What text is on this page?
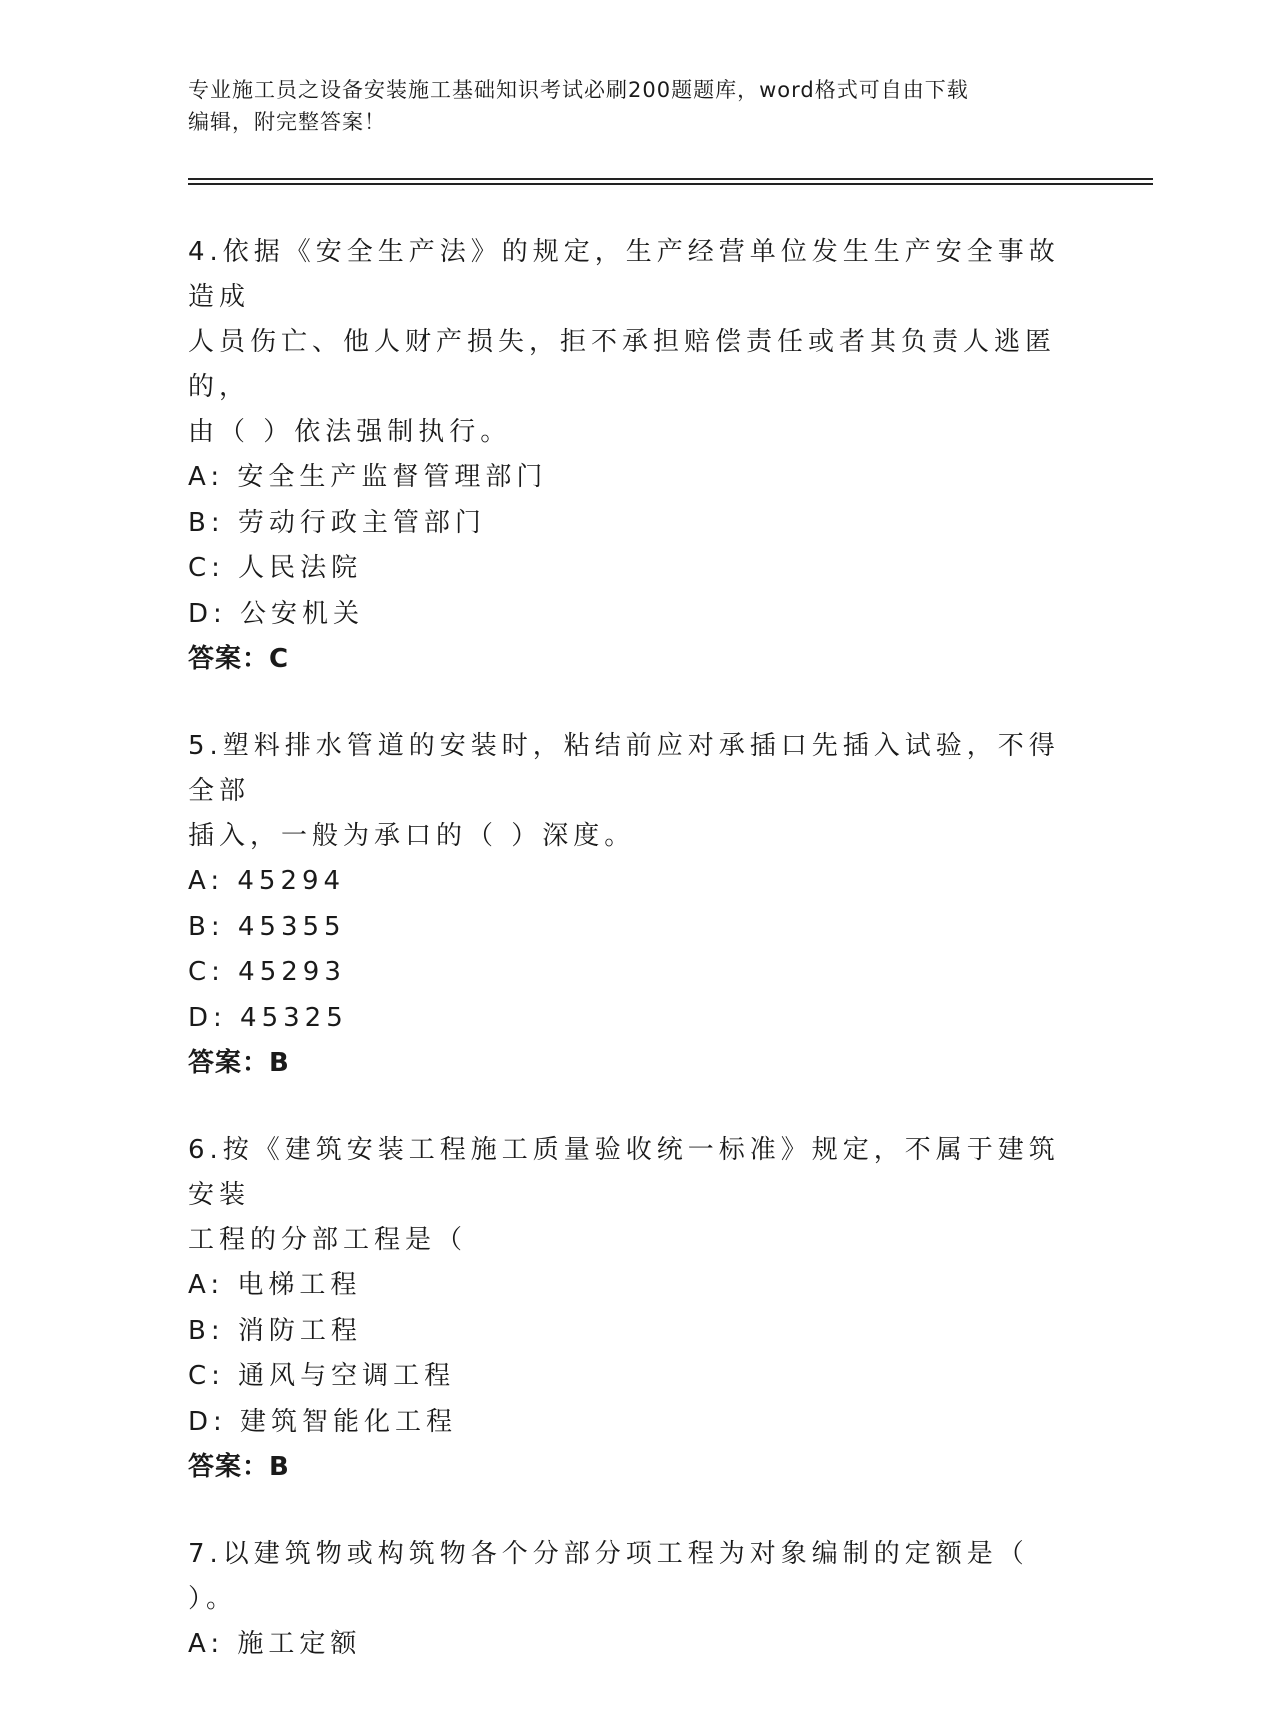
专业施工员之设备安装施工基础知识考试必刷200题题库，word格式可自由下载
编辑，附完整答案！
4.依据《安全生产法》的规定，生产经营单位发生生产安全事故造成
人员伤亡、他人财产损失，拒不承担赔偿责任或者其负责人逃匿的，
由（ ）依法强制执行。
A: 安全生产监督管理部门
B: 劳动行政主管部门
C: 人民法院
D: 公安机关
答案：C
5.塑料排水管道的安装时，粘结前应对承插口先插入试验，不得全部
插入，一般为承口的（ ）深度。
A: 45294
B: 45355
C: 45293
D: 45325
答案：B
6.按《建筑安装工程施工质量验收统一标准》规定，不属于建筑安装
工程的分部工程是（
A: 电梯工程
B: 消防工程
C: 通风与空调工程
D: 建筑智能化工程
答案：B
7.以建筑物或构筑物各个分部分项工程为对象编制的定额是（ ）。
A: 施工定额
